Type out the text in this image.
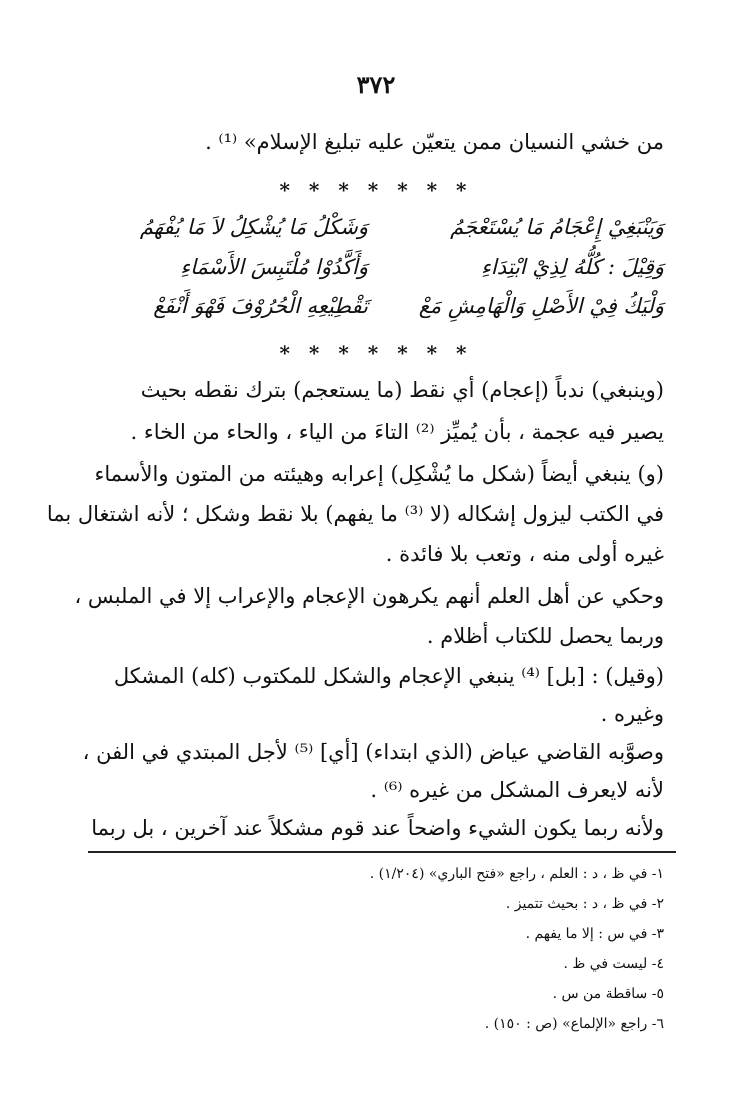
٣٧٢
من خشي النسيان ممن يتعيّن عليه تبليغ الإسلام» ⁽¹⁾ .
* * * * * * *
وَيَنْبَغِيْ إِعْجَامُ مَا يُسْتَعْجَمُ
وَشَكْلُ مَا يُشْكِلُ لاَ مَا يُفْهَمُ
وَقِيْلَ : كُلُّهُ لِذِيْ ابْتِدَاءِ
وَأَكَّدُوْا مُلْتَبِسَ الأَسْمَاءِ
وَلْيَكُ فِيْ الأَصْلِ وَالْهَامِشِ مَعْ
تَقْطِيْعِهِ الْحُرُوْفَ فَهْوَ أَنْفَعْ
* * * * * * *
(وينبغي) ندباً (إعجام) أي نقط (ما يستعجم) بترك نقطه بحيث
يصير فيه عجمة ، بأن يُميِّز ⁽²⁾ التاءَ من الياء ، والحاء من الخاء .
(و) ينبغي أيضاً (شكل ما يُشْكِل) إعرابه وهيئته من المتون والأسماء
في الكتب ليزول إشكاله (لا ⁽³⁾ ما يفهم) بلا نقط وشكل ؛ لأنه اشتغال بما
غيره أولى منه ، وتعب بلا فائدة .
وحكي عن أهل العلم أنهم يكرهون الإعجام والإعراب إلا في الملبس ،
وربما يحصل للكتاب أظلام .
(وقيل) : [بل] ⁽⁴⁾ ينبغي الإعجام والشكل للمكتوب (كله) المشكل
وغيره .
وصوَّبه القاضي عياض (الذي ابتداء) [أي] ⁽⁵⁾ لأجل المبتدي في الفن ،
لأنه لايعرف المشكل من غيره ⁽⁶⁾ .
ولأنه ربما يكون الشيء واضحاً عند قوم مشكلاً عند آخرين ، بل ربما
١- في ظ ، د : العلم ، راجع «فتح الباري» (١/٢٠٤) .
٢- في ظ ، د : بحيث تتميز .
٣- في س : إلا ما يفهم .
٤- ليست في ظ .
٥- ساقطة من س .
٦- راجع «الإلماع» (ص : ١٥٠) .
